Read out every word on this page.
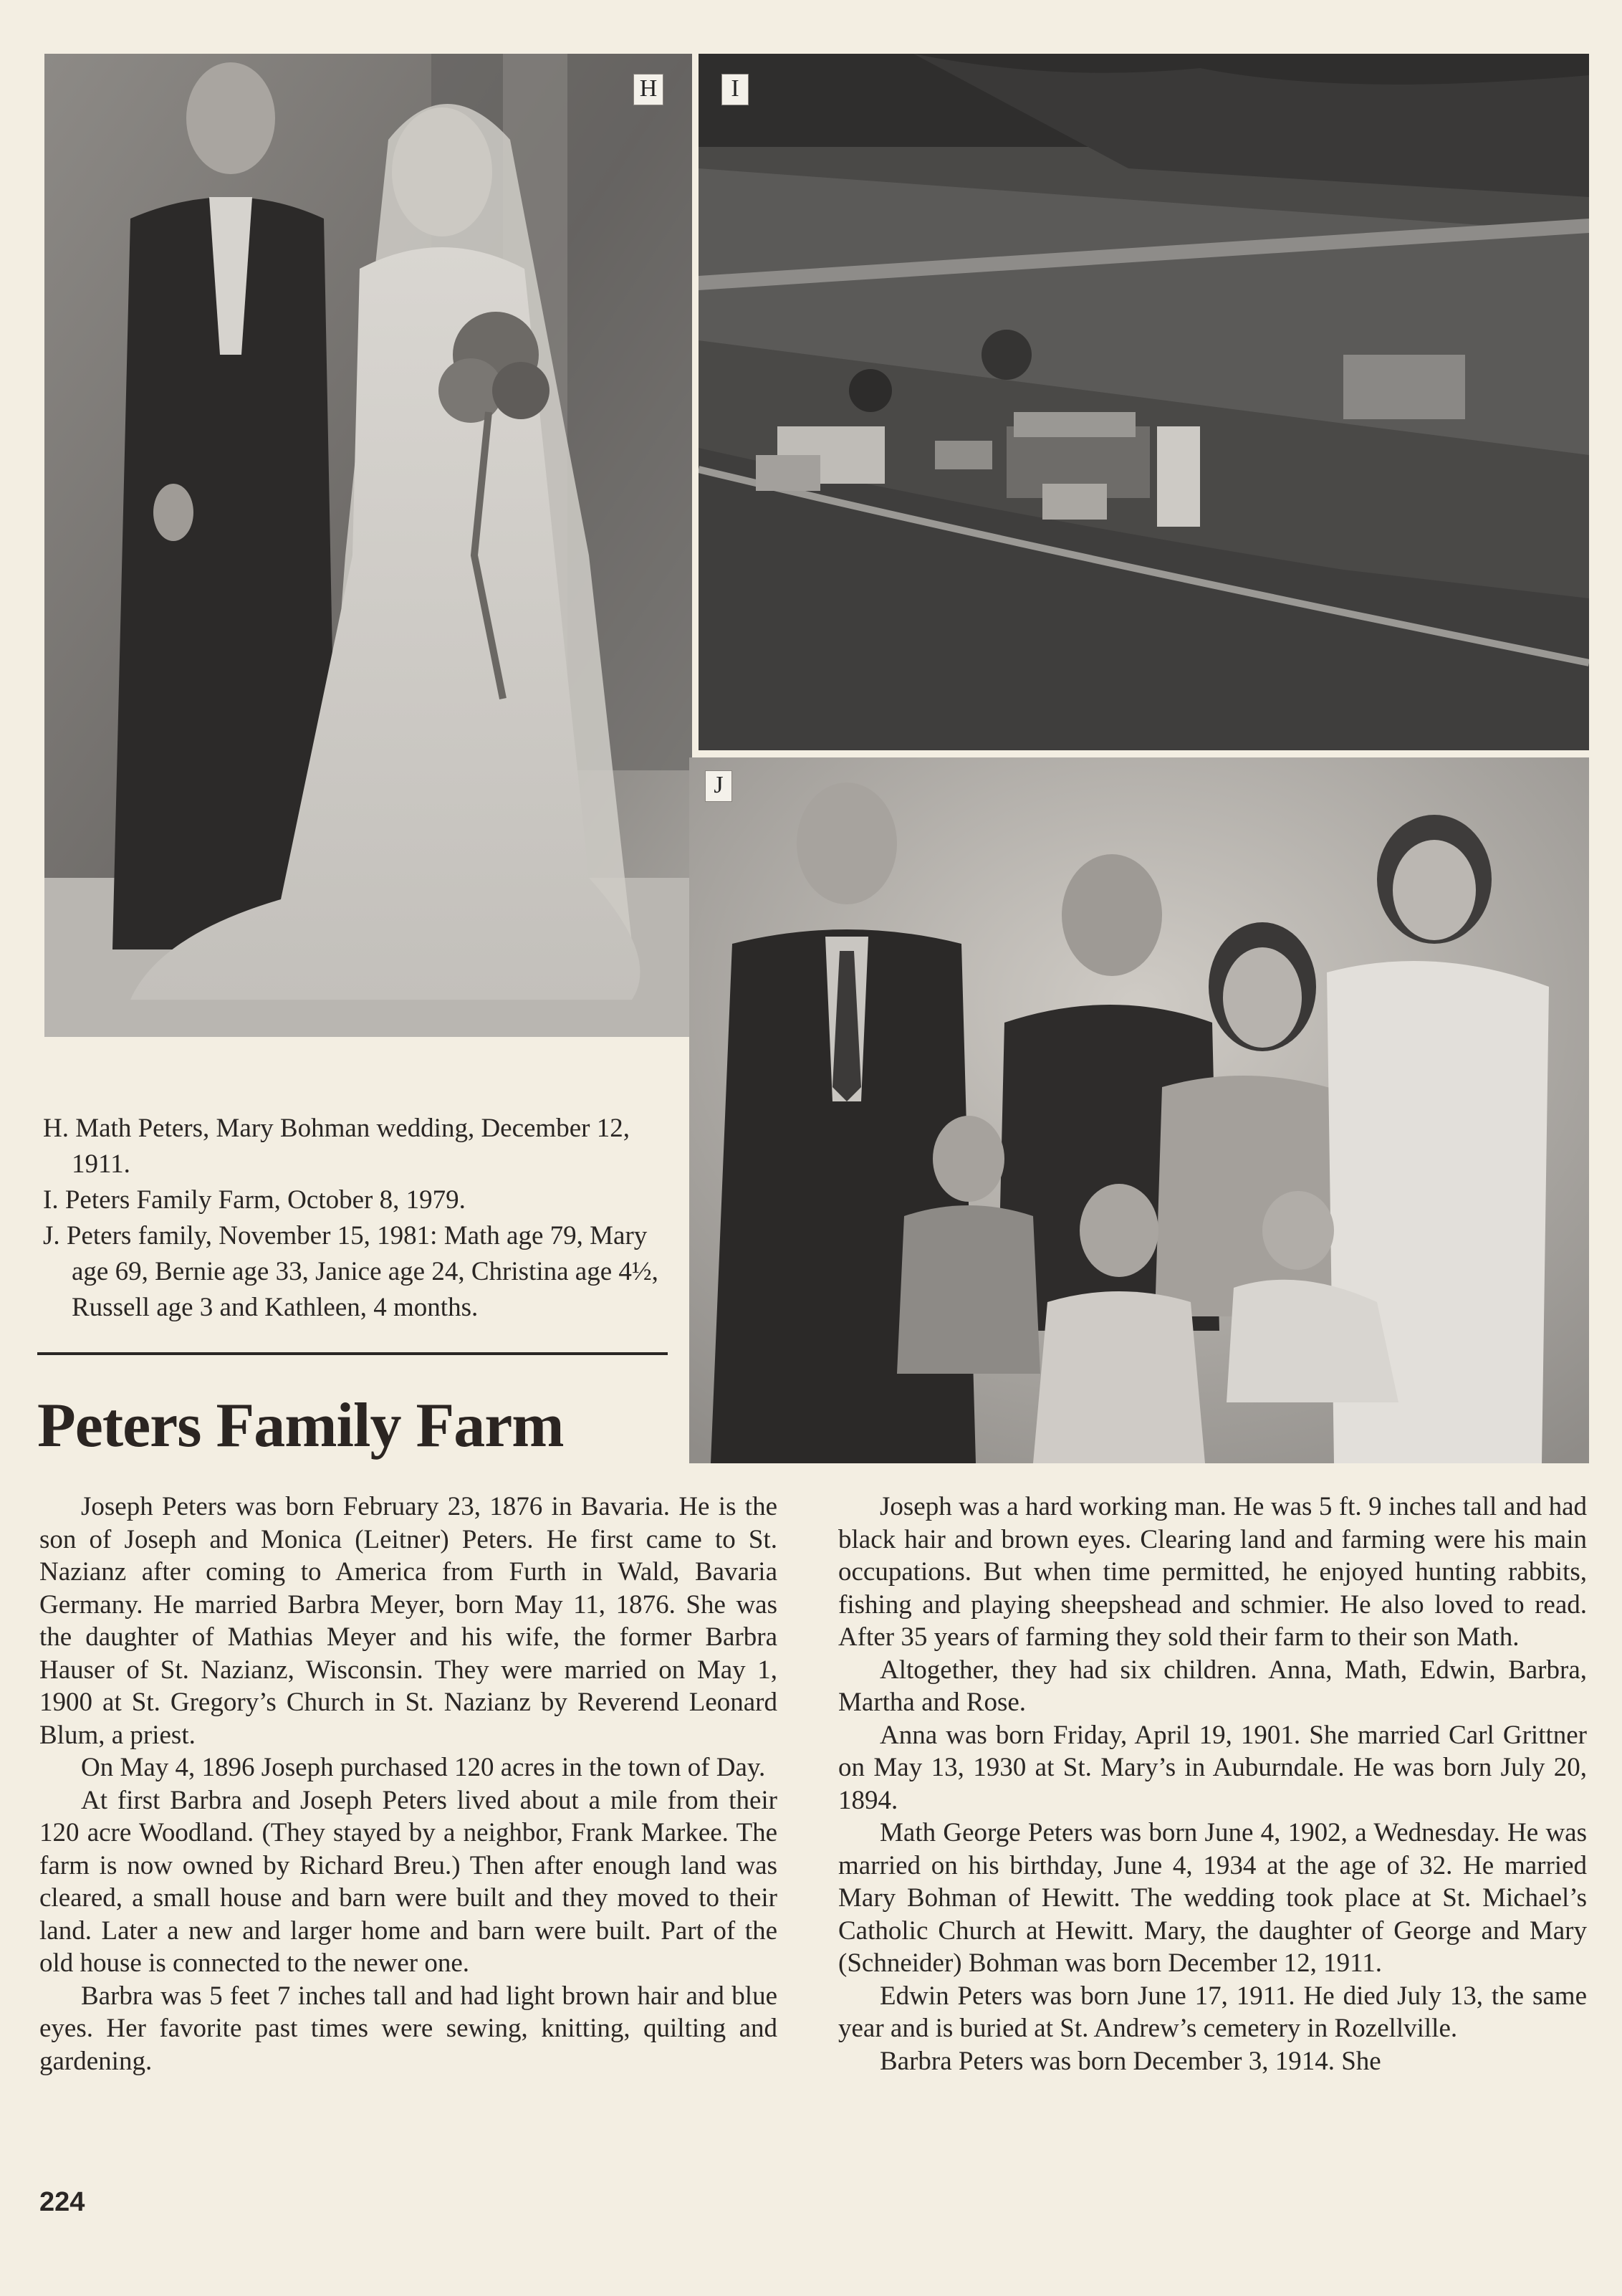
H	I
J
H. Math Peters, Mary Bohman wedding, December 12, 1911.
I. Peters Family Farm, October 8, 1979.
J. Peters family, November 15, 1981: Math age 79, Mary age 69, Bernie age 33, Janice age 24, Christina age 4½, Russell age 3 and Kathleen, 4 months.
Peters Family Farm

Joseph Peters was born February 23, 1876 in Bavaria. He is the son of Joseph and Monica (Leitner) Peters. He first came to St. Nazianz after coming to America from Furth in Wald, Bavaria Germany. He married Barbra Meyer, born May 11, 1876. She was the daughter of Mathias Meyer and his wife, the former Barbra Hauser of St. Nazianz, Wisconsin. They were married on May 1, 1900 at St. Gregory’s Church in St. Nazianz by Reverend Leonard Blum, a priest.

On May 4, 1896 Joseph purchased 120 acres in the town of Day.

At first Barbra and Joseph Peters lived about a mile from their 120 acre Woodland. (They stayed by a neighbor, Frank Markee. The farm is now owned by Richard Breu.) Then after enough land was cleared, a small house and barn were built and they moved to their land. Later a new and larger home and barn were built. Part of the old house is connected to the newer one.

Barbra was 5 feet 7 inches tall and had light brown hair and blue eyes. Her favorite past times were sewing, knitting, quilting and gardening.

Joseph was a hard working man. He was 5 ft. 9 inches tall and had black hair and brown eyes. Clearing land and farming were his main occupations. But when time permitted, he enjoyed hunting rabbits, fishing and playing sheepshead and schmier. He also loved to read. After 35 years of farming they sold their farm to their son Math.

Altogether, they had six children. Anna, Math, Edwin, Barbra, Martha and Rose.

Anna was born Friday, April 19, 1901. She married Carl Grittner on May 13, 1930 at St. Mary’s in Auburndale. He was born July 20, 1894.

Math George Peters was born June 4, 1902, a Wednesday. He was married on his birthday, June 4, 1934 at the age of 32. He married Mary Bohman of Hewitt. The wedding took place at St. Michael’s Catholic Church at Hewitt. Mary, the daughter of George and Mary (Schneider) Bohman was born December 12, 1911.

Edwin Peters was born June 17, 1911. He died July 13, the same year and is buried at St. Andrew’s cemetery in Rozellville.

Barbra Peters was born December 3, 1914. She

224
